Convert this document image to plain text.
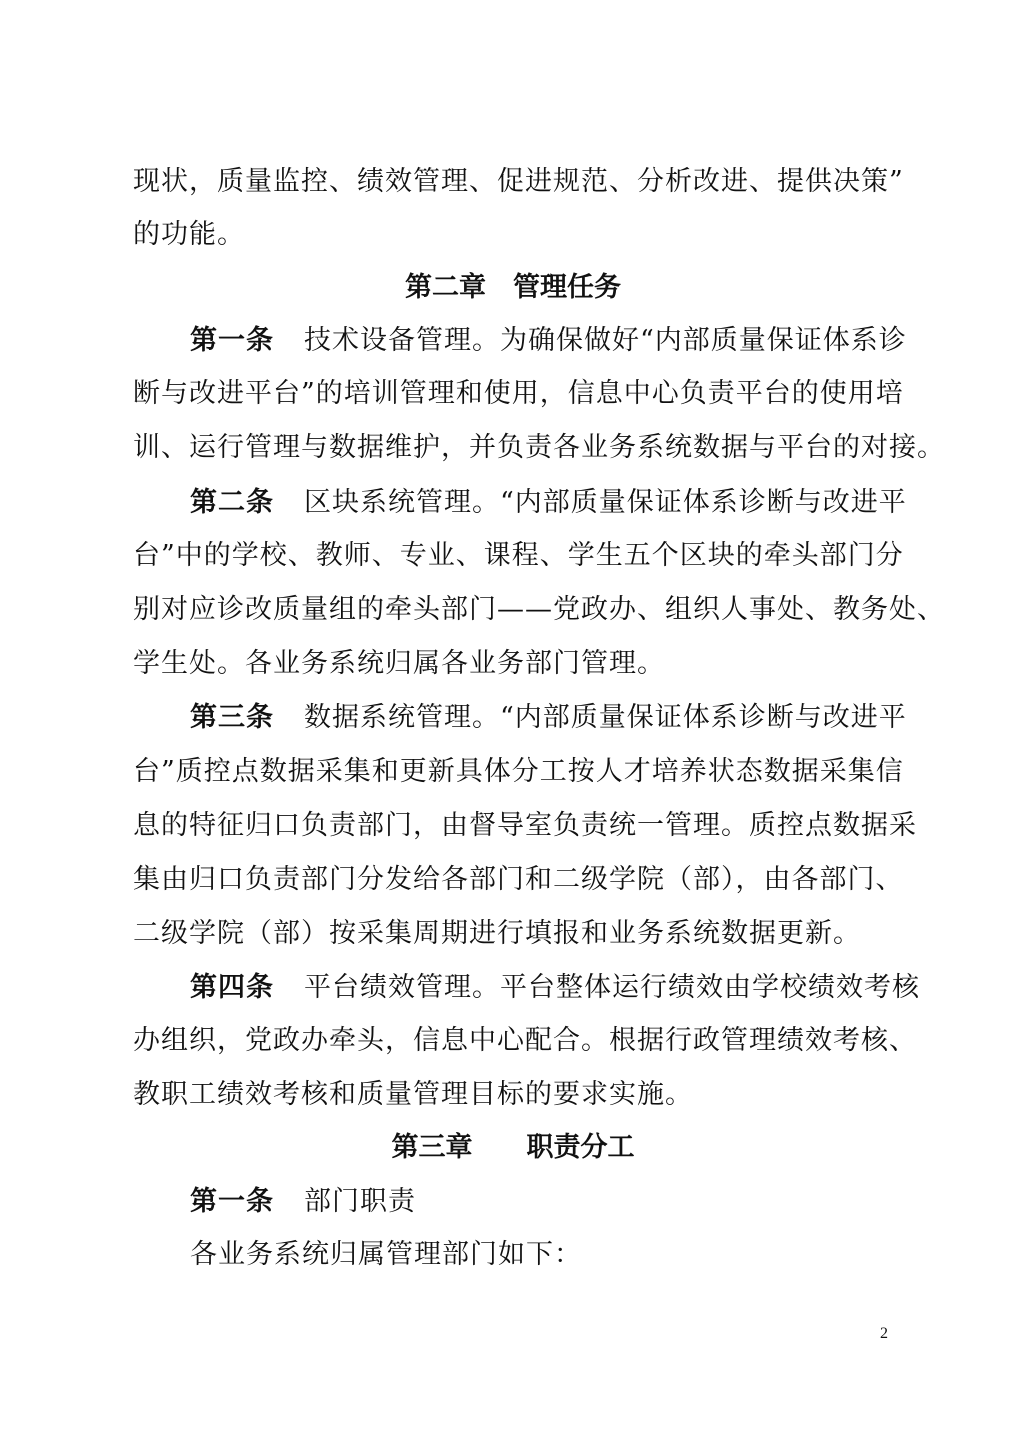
现状，质量监控、绩效管理、促进规范、分析改进、提供决策”
的功能。
第二章　管理任务
第一条 技术设备管理。为确保做好“内部质量保证体系诊
断与改进平台”的培训管理和使用，信息中心负责平台的使用培
训、运行管理与数据维护，并负责各业务系统数据与平台的对接。
第二条 区块系统管理。“内部质量保证体系诊断与改进平
台”中的学校、教师、专业、课程、学生五个区块的牵头部门分
别对应诊改质量组的牵头部门——党政办、组织人事处、教务处、
学生处。各业务系统归属各业务部门管理。
第三条 数据系统管理。“内部质量保证体系诊断与改进平
台”质控点数据采集和更新具体分工按人才培养状态数据采集信
息的特征归口负责部门，由督导室负责统一管理。质控点数据采
集由归口负责部门分发给各部门和二级学院（部），由各部门、
二级学院（部）按采集周期进行填报和业务系统数据更新。
第四条 平台绩效管理。平台整体运行绩效由学校绩效考核
办组织，党政办牵头，信息中心配合。根据行政管理绩效考核、
教职工绩效考核和质量管理目标的要求实施。
第三章　　职责分工
第一条 部门职责
各业务系统归属管理部门如下：
2
